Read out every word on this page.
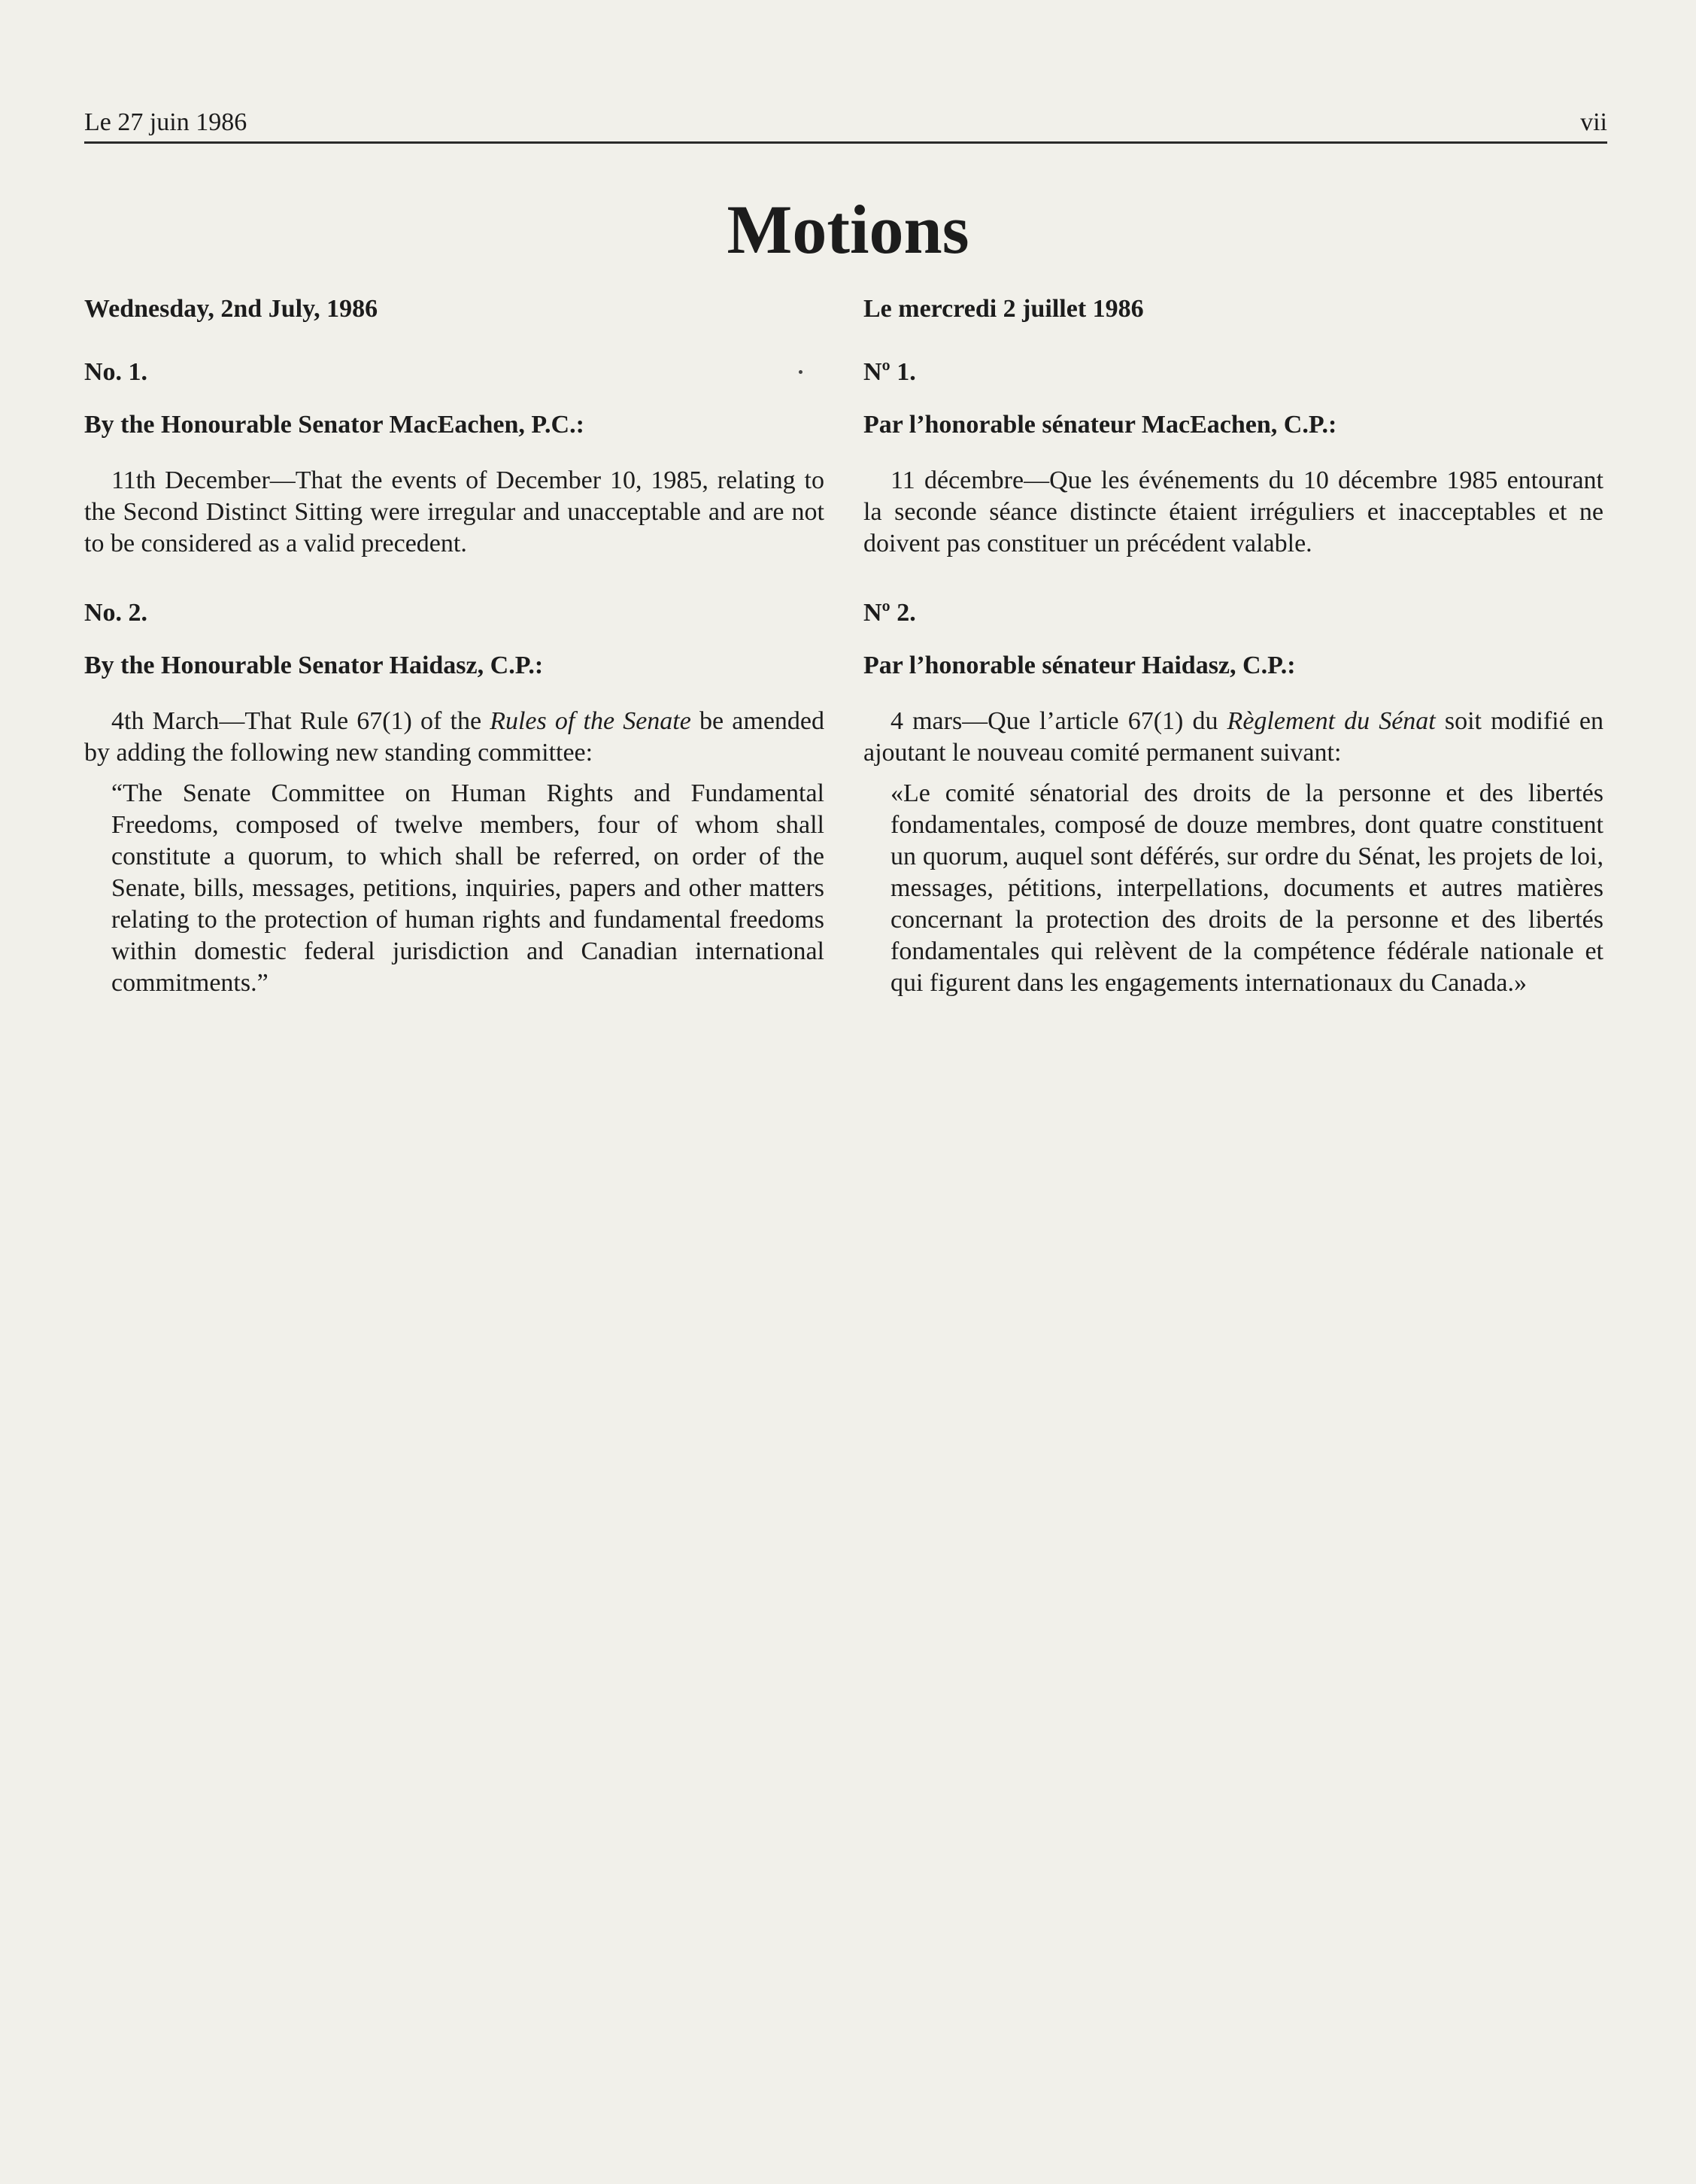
Le 27 juin 1986	vii
Motions
Wednesday, 2nd July, 1986
No. 1.
By the Honourable Senator MacEachen, P.C.:

11th December—That the events of December 10, 1985, relating to the Second Distinct Sitting were irregular and unacceptable and are not to be considered as a valid precedent.

No. 2.
By the Honourable Senator Haidasz, C.P.:

4th March—That Rule 67(1) of the Rules of the Senate be amended by adding the following new standing committee:

“The Senate Committee on Human Rights and Fundamental Freedoms, composed of twelve members, four of whom shall constitute a quorum, to which shall be referred, on order of the Senate, bills, messages, petitions, inquiries, papers and other matters relating to the protection of human rights and fundamental freedoms within domestic federal jurisdiction and Canadian international commitments.”

Le mercredi 2 juillet 1986
Nº 1.
Par l’honorable sénateur MacEachen, C.P.:

11 décembre—Que les événements du 10 décembre 1985 entourant la seconde séance distincte étaient irréguliers et inacceptables et ne doivent pas constituer un précédent valable.

Nº 2.
Par l’honorable sénateur Haidasz, C.P.:

4 mars—Que l’article 67(1) du Règlement du Sénat soit modifié en ajoutant le nouveau comité permanent suivant:

«Le comité sénatorial des droits de la personne et des libertés fondamentales, composé de douze membres, dont quatre constituent un quorum, auquel sont déférés, sur ordre du Sénat, les projets de loi, messages, pétitions, interpellations, documents et autres matières concernant la protection des droits de la personne et des libertés fondamentales qui relèvent de la compétence fédérale nationale et qui figurent dans les engagements internationaux du Canada.»
